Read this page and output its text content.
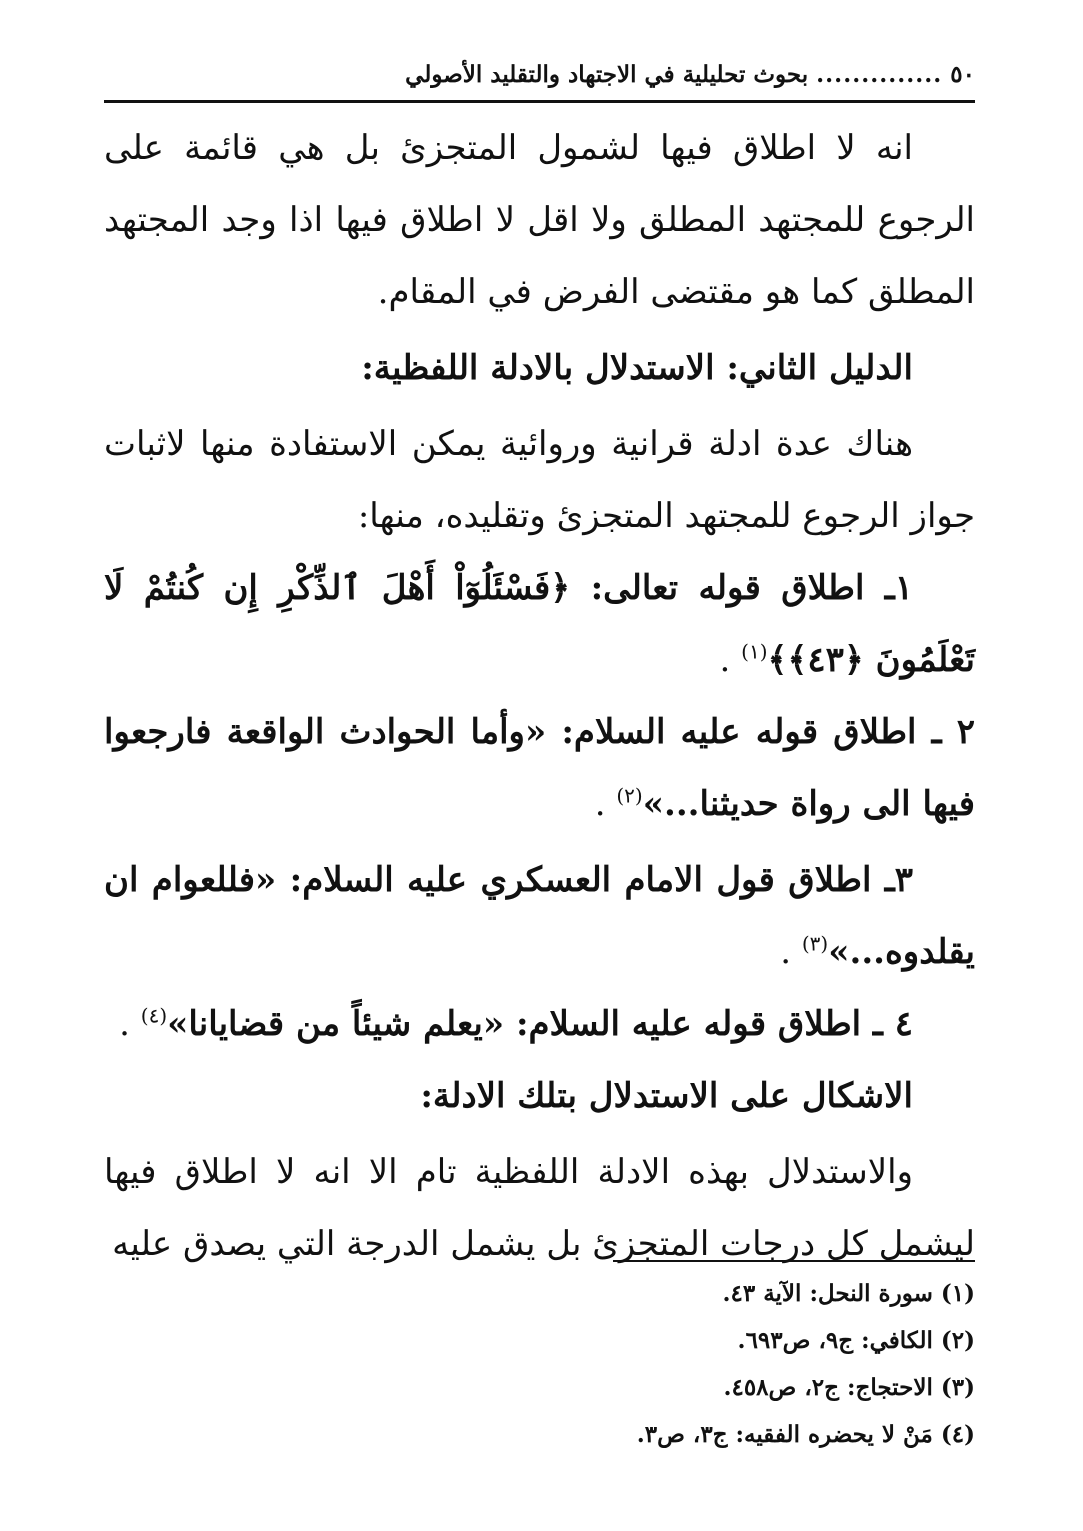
٥٠
..............
بحوث تحليلية في الاجتهاد والتقليد الأصولي

انه لا اطلاق فيها لشمول المتجزئ بل هي قائمة على الرجوع للمجتهد المطلق ولا اقل لا اطلاق فيها اذا وجد المجتهد المطلق كما هو مقتضى الفرض في المقام.

الدليل الثاني: الاستدلال بالادلة اللفظية:

هناك عدة ادلة قرانية وروائية يمكن الاستفادة منها لاثبات جواز الرجوع للمجتهد المتجزئ وتقليده، منها:

١ـ اطلاق قوله تعالى: ﴿فَسْئَلُوٓاْ أَهْلَ ٱلذِّكْرِ إِن كُنتُمْ لَا تَعْلَمُونَ ﴿٤٣﴾﴾$^{(١)}$ .

٢ ـ اطلاق قوله عليه السلام: «وأما الحوادث الواقعة فارجعوا فيها الى رواة حديثنا...»$^{(٢)}$ .

٣ـ اطلاق قول الامام العسكري عليه السلام: «فللعوام ان يقلدوه...»$^{(٣)}$ .

٤ ـ اطلاق قوله عليه السلام: «يعلم شيئاً من قضايانا»$^{(٤)}$ .

الاشكال على الاستدلال بتلك الادلة:

والاستدلال بهذه الادلة اللفظية تام الا انه لا اطلاق فيها ليشمل كل درجات المتجزئ بل يشمل الدرجة التي يصدق عليه

(١) سورة النحل: الآية ٤٣.
(٢) الكافي: ج٩، ص٦٩٣.
(٣) الاحتجاج: ج٢، ص٤٥٨.
(٤) مَنْ لا يحضره الفقيه: ج٣، ص٣.
